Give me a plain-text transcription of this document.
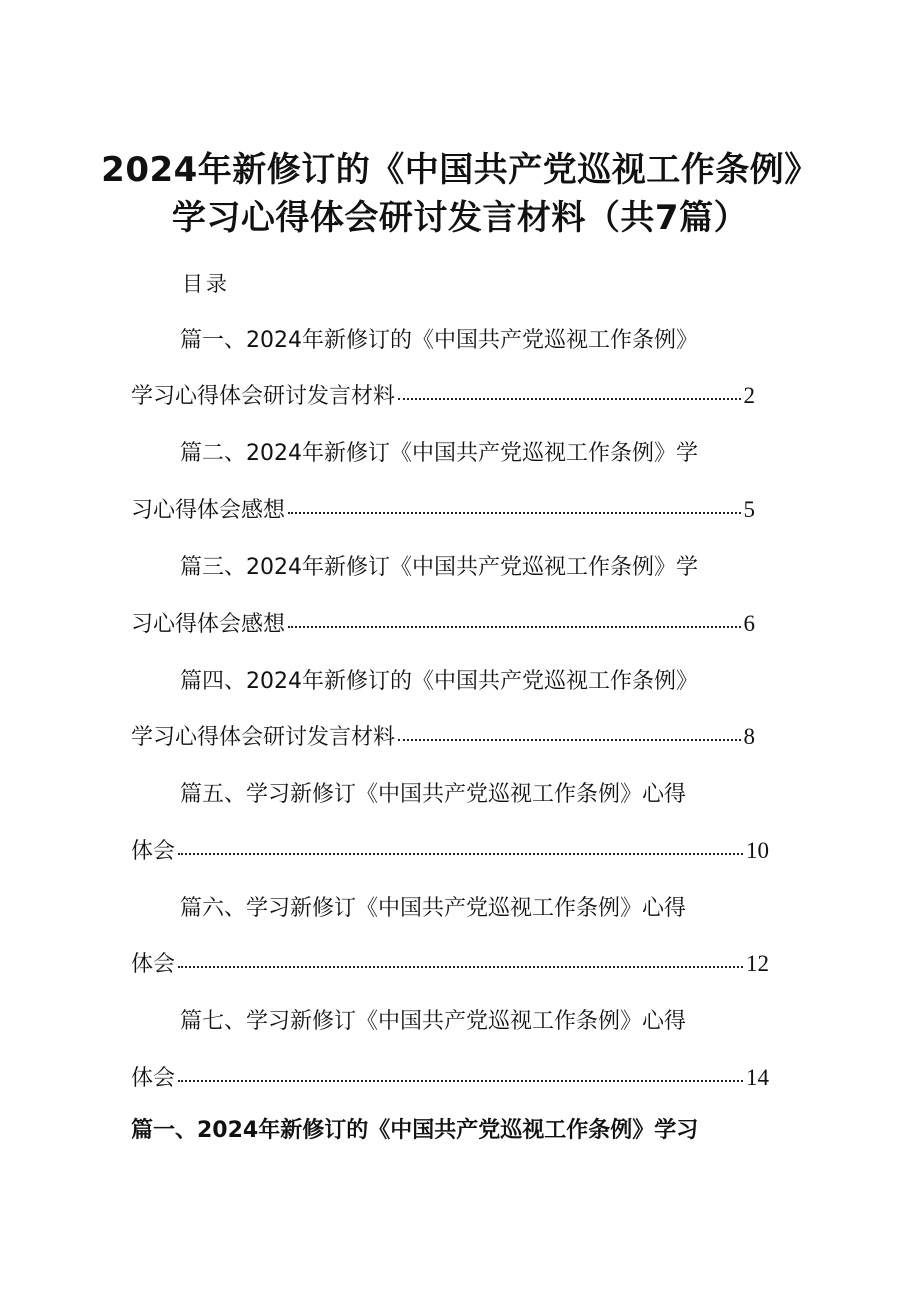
2024年新修订的《中国共产党巡视工作条例》
学习心得体会研讨发言材料（共7篇）
目录
篇一、2024年新修订的《中国共产党巡视工作条例》
学习心得体会研讨发言材料	2
篇二、2024年新修订《中国共产党巡视工作条例》学
习心得体会感想	5
篇三、2024年新修订《中国共产党巡视工作条例》学
习心得体会感想	6
篇四、2024年新修订的《中国共产党巡视工作条例》
学习心得体会研讨发言材料	8
篇五、学习新修订《中国共产党巡视工作条例》心得
体会	10
篇六、学习新修订《中国共产党巡视工作条例》心得
体会	12
篇七、学习新修订《中国共产党巡视工作条例》心得
体会	14
篇一、2024年新修订的《中国共产党巡视工作条例》学习
